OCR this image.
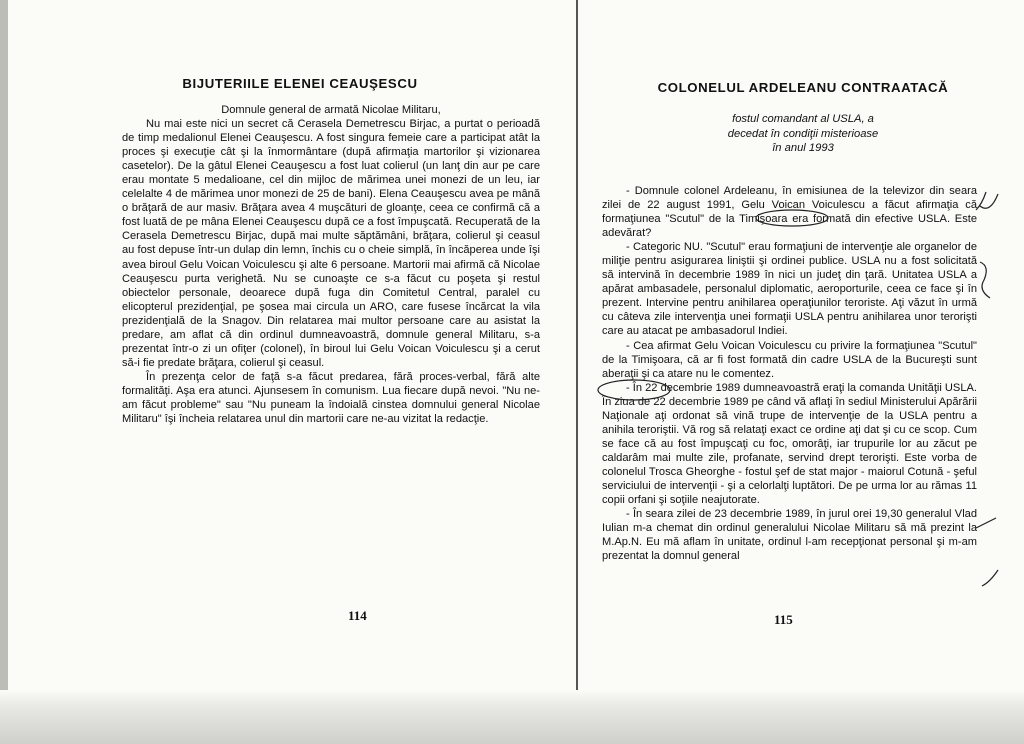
BIJUTERIILE ELENEI CEAUŞESCU

Domnule general de armată Nicolae Militaru,

Nu mai este nici un secret că Cerasela Demetrescu Birjac, a purtat o perioadă de timp medalionul Elenei Ceauşescu. A fost singura femeie care a participat atât la proces şi execuţie cât şi la înmormântare (după afirmaţia martorilor şi vizionarea casetelor). De la gâtul Elenei Ceauşescu a fost luat colierul (un lanţ din aur pe care erau montate 5 medalioane, cel din mijloc de mărimea unei monezi de un leu, iar celelalte 4 de mărimea unor monezi de 25 de bani). Elena Ceauşescu avea pe mână o brăţară de aur masiv. Brăţara avea 4 muşcături de gloanţe, ceea ce confirmă că a fost luată de pe mâna Elenei Ceauşescu după ce a fost împuşcată. Recuperată de la Cerasela Demetrescu Birjac, după mai multe săptămâni, brăţara, colierul şi ceasul au fost depuse într-un dulap din lemn, închis cu o cheie simplă, în încăperea unde îşi avea biroul Gelu Voican Voiculescu şi alte 6 persoane. Martorii mai afirmă că Nicolae Ceauşescu purta verighetă. Nu se cunoaşte ce s-a făcut cu poşeta şi restul obiectelor personale, deoarece după fuga din Comitetul Central, paralel cu elicopterul prezidenţial, pe şosea mai circula un ARO, care fusese încărcat la vila prezidenţială de la Snagov. Din relatarea mai multor persoane care au asistat la predare, am aflat că din ordinul dumneavoastră, domnule general Militaru, s-a prezentat într-o zi un ofiţer (colonel), în biroul lui Gelu Voican Voiculescu şi a cerut să-i fie predate brăţara, colierul şi ceasul.

În prezenţa celor de faţă s-a făcut predarea, fără proces-verbal, fără alte formalităţi. Aşa era atunci. Ajunsesem în comunism. Lua fiecare după nevoi. "Nu ne-am făcut probleme" sau "Nu puneam la îndoială cinstea domnului general Nicolae Militaru" îşi încheia relatarea unul din martorii care ne-au vizitat la redacţie.

114
COLONELUL ARDELEANU CONTRAATACĂ
fostul comandant al USLA, a
decedat în condiţii misterioase
în anul 1993

- Domnule colonel Ardeleanu, în emisiunea de la televizor din seara zilei de 22 august 1991, Gelu Voican Voiculescu a făcut afirmaţia că formaţiunea "Scutul" de la Timişoara era formată din efective USLA. Este adevărat?

- Categoric NU. "Scutul" erau formaţiuni de intervenţie ale organelor de miliţie pentru asigurarea liniştii şi ordinei publice. USLA nu a fost solicitată să intervină în decembrie 1989 în nici un judeţ din ţară. Unitatea USLA a apărat ambasadele, personalul diplomatic, aeroporturile, ceea ce face şi în prezent. Intervine pentru anihilarea operaţiunilor teroriste. Aţi văzut în urmă cu câteva zile intervenţia unei formaţii USLA pentru anihilarea unor terorişti care au atacat pe ambasadorul Indiei.

- Cea afirmat Gelu Voican Voiculescu cu privire la formaţiunea "Scutul" de la Timişoara, că ar fi fost formată din cadre USLA de la Bucureşti sunt aberaţii şi ca atare nu le comentez.

- În 22 decembrie 1989 dumneavoastră eraţi la comanda Unităţii USLA. În ziua de 22 decembrie 1989 pe când vă aflaţi în sediul Ministerului Apărării Naţionale aţi ordonat să vină trupe de intervenţie de la USLA pentru a anihila teroriştii. Vă rog să relataţi exact ce ordine aţi dat şi cu ce scop. Cum se face că au fost împuşcaţi cu foc, omorâţi, iar trupurile lor au zăcut pe caldarâm mai multe zile, profanate, servind drept terorişti. Este vorba de colonelul Trosca Gheorghe - fostul şef de stat major - maiorul Cotună - şeful serviciului de intervenţii - şi a celorlalţi luptători. De pe urma lor au rămas 11 copii orfani şi soţiile neajutorate.

- În seara zilei de 23 decembrie 1989, în jurul orei 19,30 generalul Vlad Iulian m-a chemat din ordinul generalului Nicolae Militaru să mă prezint la M.Ap.N. Eu mă aflam în unitate, ordinul l-am recepţionat personal şi m-am prezentat la domnul general

115
